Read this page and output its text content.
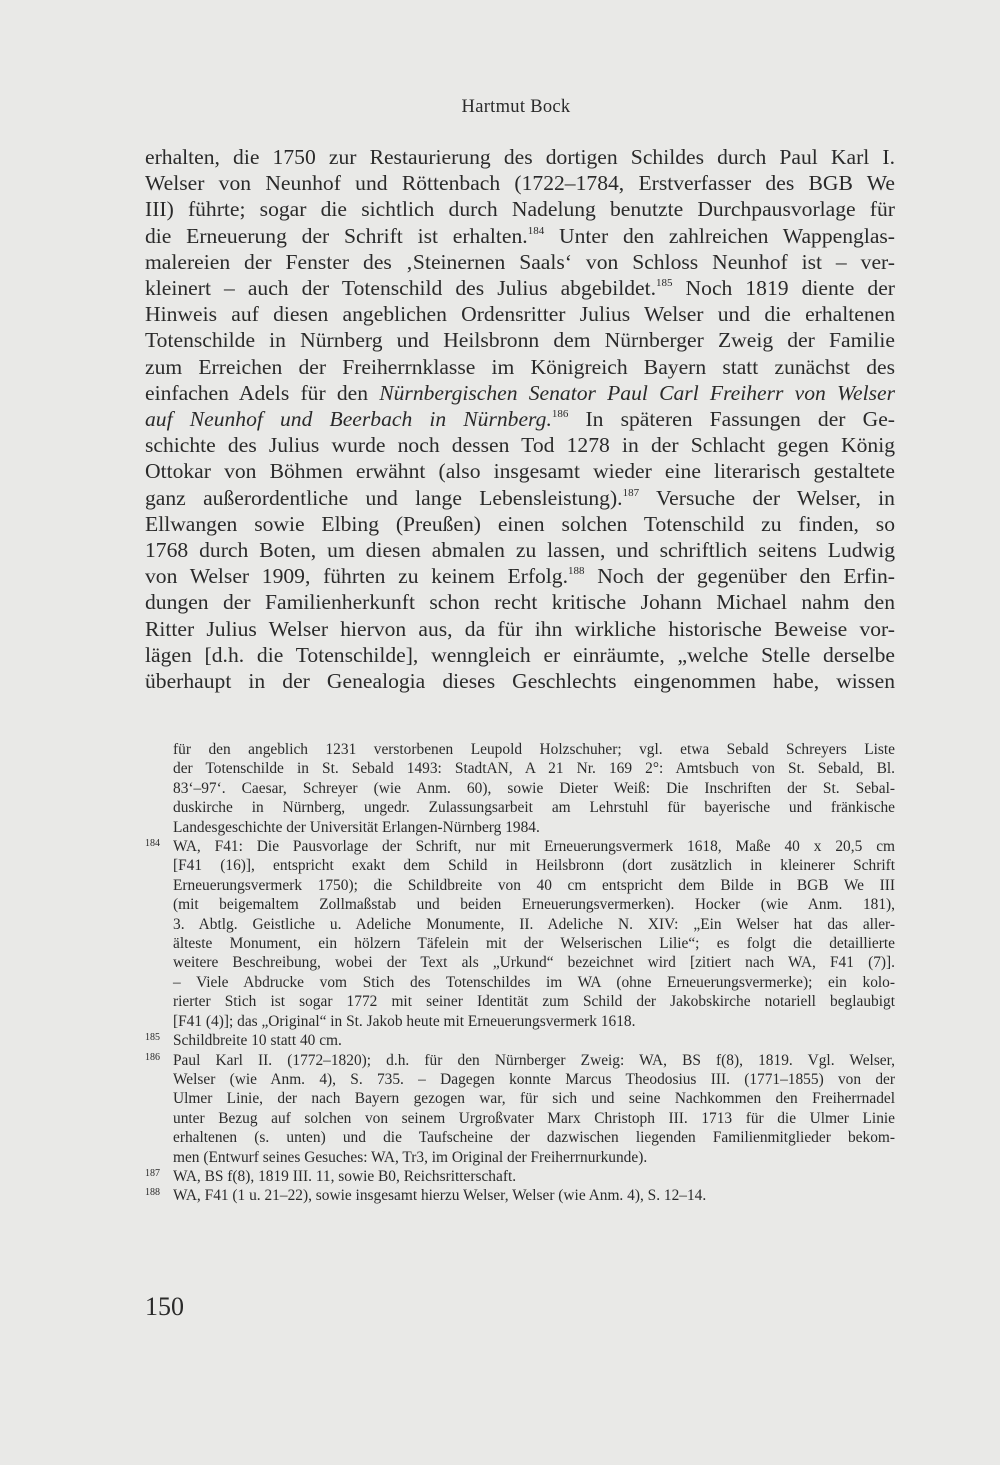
Hartmut Bock
erhalten, die 1750 zur Restaurierung des dortigen Schildes durch Paul Karl I.
Welser von Neunhof und Röttenbach (1722–1784, Erstverfasser des BGB We
III) führte; sogar die sichtlich durch Nadelung benutzte Durchpausvorlage für
die Erneuerung der Schrift ist erhalten.$^{184}$ Unter den zahlreichen Wappenglas-
malereien der Fenster des ‚Steinernen Saals‘ von Schloss Neunhof ist – ver-
kleinert – auch der Totenschild des Julius abgebildet.$^{185}$ Noch 1819 diente der
Hinweis auf diesen angeblichen Ordensritter Julius Welser und die erhaltenen
Totenschilde in Nürnberg und Heilsbronn dem Nürnberger Zweig der Familie
zum Erreichen der Freiherrnklasse im Königreich Bayern statt zunächst des
einfachen Adels für den Nürnbergischen Senator Paul Carl Freiherr von Welser
auf Neunhof und Beerbach in Nürnberg.$^{186}$ In späteren Fassungen der Ge-
schichte des Julius wurde noch dessen Tod 1278 in der Schlacht gegen König
Ottokar von Böhmen erwähnt (also insgesamt wieder eine literarisch gestaltete
ganz außerordentliche und lange Lebensleistung).$^{187}$ Versuche der Welser, in
Ellwangen sowie Elbing (Preußen) einen solchen Totenschild zu finden, so
1768 durch Boten, um diesen abmalen zu lassen, und schriftlich seitens Ludwig
von Welser 1909, führten zu keinem Erfolg.$^{188}$ Noch der gegenüber den Erfin-
dungen der Familienherkunft schon recht kritische Johann Michael nahm den
Ritter Julius Welser hiervon aus, da für ihn wirkliche historische Beweise vor-
lägen [d.h. die Totenschilde], wenngleich er einräumte, „welche Stelle derselbe
überhaupt in der Genealogia dieses Geschlechts eingenommen habe, wissen
für den angeblich 1231 verstorbenen Leupold Holzschuher; vgl. etwa Sebald Schreyers Liste
der Totenschilde in St. Sebald 1493: StadtAN, A 21 Nr. 169 2°: Amtsbuch von St. Sebald, Bl.
83‘–97‘. Caesar, Schreyer (wie Anm. 60), sowie Dieter Weiß: Die Inschriften der St. Sebal-
duskirche in Nürnberg, ungedr. Zulassungsarbeit am Lehrstuhl für bayerische und fränkische
Landesgeschichte der Universität Erlangen-Nürnberg 1984.
184 WA, F41: Die Pausvorlage der Schrift, nur mit Erneuerungsvermerk 1618, Maße 40 x 20,5 cm
[F41 (16)], entspricht exakt dem Schild in Heilsbronn (dort zusätzlich in kleinerer Schrift
Erneuerungsvermerk 1750); die Schildbreite von 40 cm entspricht dem Bilde in BGB We III
(mit beigemaltem Zollmaßstab und beiden Erneuerungsvermerken). Hocker (wie Anm. 181),
3. Abtlg. Geistliche u. Adeliche Monumente, II. Adeliche N. XIV: „Ein Welser hat das aller-
älteste Monument, ein hölzern Täfelein mit der Welserischen Lilie“; es folgt die detaillierte
weitere Beschreibung, wobei der Text als „Urkund“ bezeichnet wird [zitiert nach WA, F41 (7)].
– Viele Abdrucke vom Stich des Totenschildes im WA (ohne Erneuerungsvermerke); ein kolo-
rierter Stich ist sogar 1772 mit seiner Identität zum Schild der Jakobskirche notariell beglaubigt
[F41 (4)]; das „Original“ in St. Jakob heute mit Erneuerungsvermerk 1618.
185 Schildbreite 10 statt 40 cm.
186 Paul Karl II. (1772–1820); d.h. für den Nürnberger Zweig: WA, BS f(8), 1819. Vgl. Welser,
Welser (wie Anm. 4), S. 735. – Dagegen konnte Marcus Theodosius III. (1771–1855) von der
Ulmer Linie, der nach Bayern gezogen war, für sich und seine Nachkommen den Freiherrnadel
unter Bezug auf solchen von seinem Urgroßvater Marx Christoph III. 1713 für die Ulmer Linie
erhaltenen (s. unten) und die Taufscheine der dazwischen liegenden Familienmitglieder bekom-
men (Entwurf seines Gesuches: WA, Tr3, im Original der Freiherrnurkunde).
187 WA, BS f(8), 1819 III. 11, sowie B0, Reichsritterschaft.
188 WA, F41 (1 u. 21–22), sowie insgesamt hierzu Welser, Welser (wie Anm. 4), S. 12–14.
150
